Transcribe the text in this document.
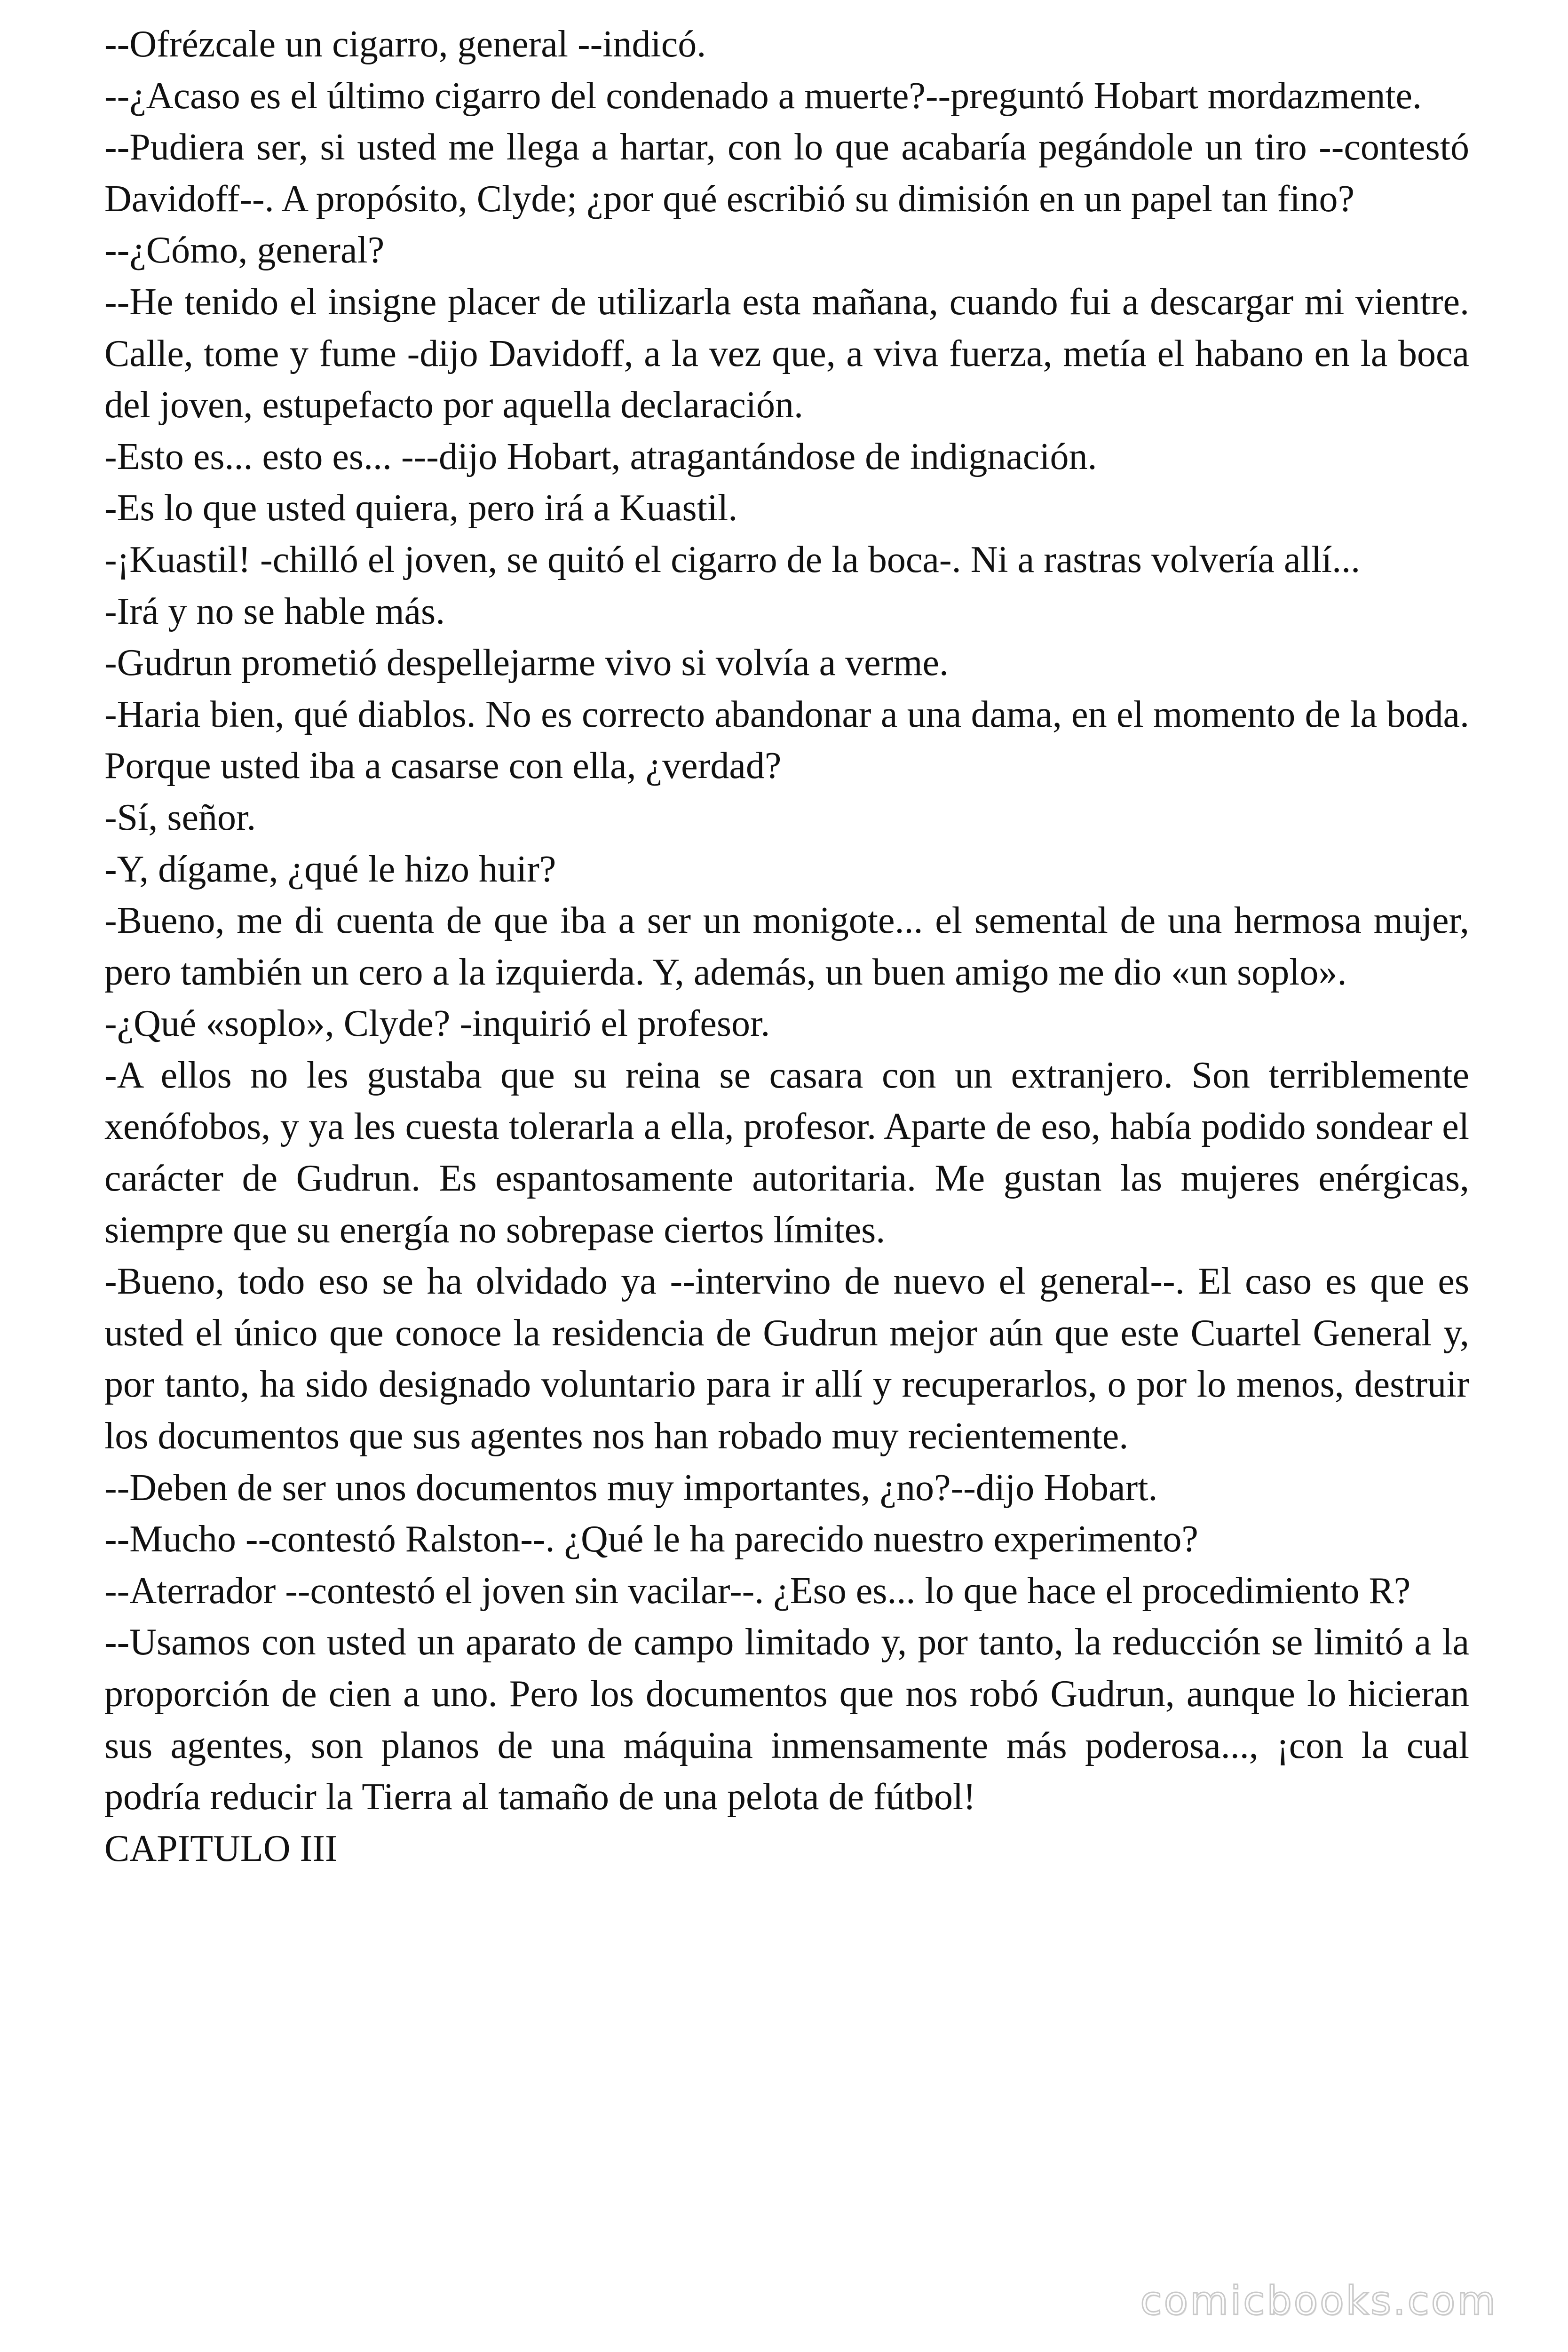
--Ofrézcale un cigarro, general --indicó.

--¿Acaso es el último cigarro del condenado a muerte?--preguntó Hobart mordazmente.

--Pudiera ser, si usted me llega a hartar, con lo que acabaría pegándole un tiro --contestó Davidoff--. A propósito, Clyde; ¿por qué escribió su dimisión en un papel tan fino?

--¿Cómo, general?

--He tenido el insigne placer de utilizarla esta mañana, cuando fui a descargar mi vientre. Calle, tome y fume -dijo Davidoff, a la vez que, a viva fuerza, metía el habano en la boca del joven, estupefacto por aquella declaración.

-Esto es... esto es... ---dijo Hobart, atragantándose de indignación.

-Es lo que usted quiera, pero irá a Kuastil.

-¡Kuastil! -chilló el joven, se quitó el cigarro de la boca-. Ni a rastras volvería allí...

-Irá y no se hable más.

-Gudrun prometió despellejarme vivo si volvía a verme.

-Haria bien, qué diablos. No es correcto abandonar a una dama, en el momento de la boda. Porque usted iba a casarse con ella, ¿verdad?

-Sí, señor.

-Y, dígame, ¿qué le hizo huir?

-Bueno, me di cuenta de que iba a ser un monigote... el semental de una hermosa mujer, pero también un cero a la izquierda. Y, además, un buen amigo me dio «un soplo».

-¿Qué «soplo», Clyde? -inquirió el profesor.

-A ellos no les gustaba que su reina se casara con un extranjero. Son terriblemente xenófobos, y ya les cuesta tolerarla a ella, profesor. Aparte de eso, había podido sondear el carácter de Gudrun. Es espantosamente autoritaria. Me gustan las mujeres enérgicas, siempre que su energía no sobrepase ciertos límites.

-Bueno, todo eso se ha olvidado ya --intervino de nuevo el general--. El caso es que es usted el único que conoce la residencia de Gudrun mejor aún que este Cuartel General y, por tanto, ha sido designado voluntario para ir allí y recuperarlos, o por lo menos, destruir los documentos que sus agentes nos han robado muy recientemente.

--Deben de ser unos documentos muy importantes, ¿no?--dijo Hobart.

--Mucho --contestó Ralston--. ¿Qué le ha parecido nuestro experimento?

--Aterrador --contestó el joven sin vacilar--. ¿Eso es... lo que hace el procedimiento R?

--Usamos con usted un aparato de campo limitado y, por tanto, la reducción se limitó a la proporción de cien a uno. Pero los documentos que nos robó Gudrun, aunque lo hicieran sus agentes, son planos de una máquina inmensamente más poderosa..., ¡con la cual podría reducir la Tierra al tamaño de una pelota de fútbol!

CAPITULO III

comicbooks.com
